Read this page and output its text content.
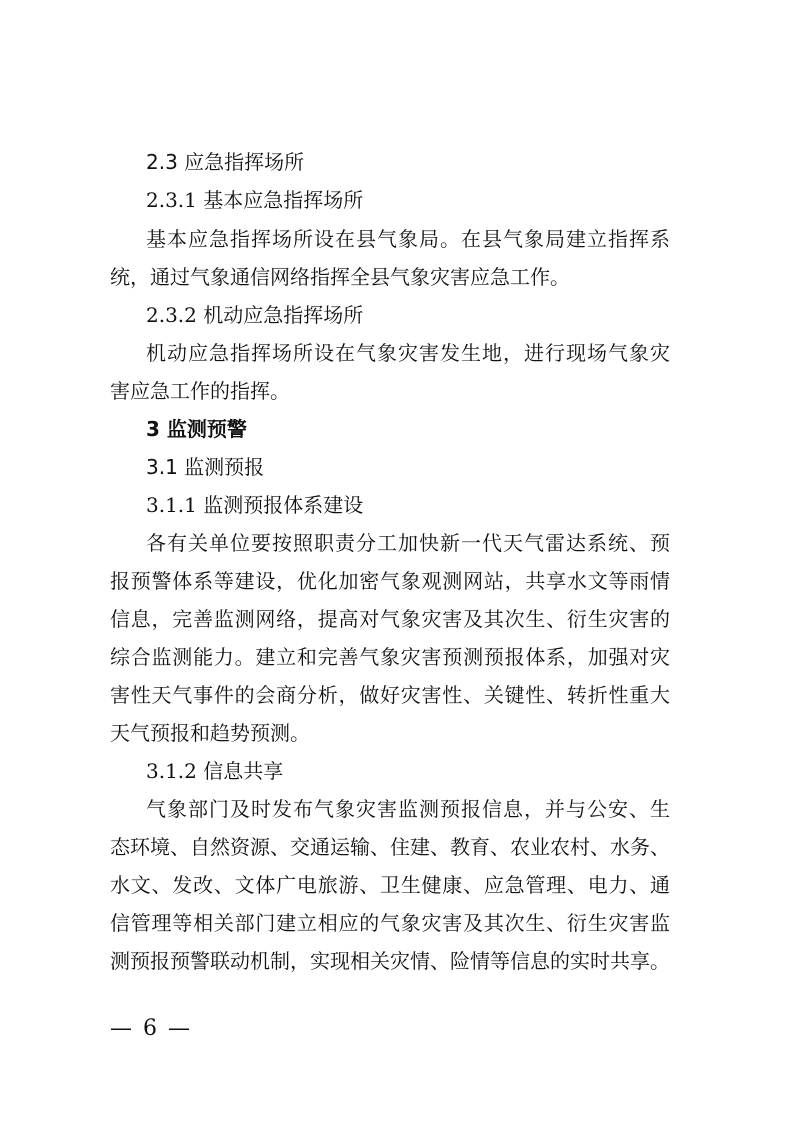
2.3 应急指挥场所

2.3.1 基本应急指挥场所

基本应急指挥场所设在县气象局。在县气象局建立指挥系

统，通过气象通信网络指挥全县气象灾害应急工作。

2.3.2 机动应急指挥场所

机动应急指挥场所设在气象灾害发生地，进行现场气象灾

害应急工作的指挥。

3 监测预警

3.1 监测预报

3.1.1 监测预报体系建设

各有关单位要按照职责分工加快新一代天气雷达系统、预

报预警体系等建设，优化加密气象观测网站，共享水文等雨情

信息，完善监测网络，提高对气象灾害及其次生、衍生灾害的

综合监测能力。建立和完善气象灾害预测预报体系，加强对灾

害性天气事件的会商分析，做好灾害性、关键性、转折性重大

天气预报和趋势预测。

3.1.2 信息共享

气象部门及时发布气象灾害监测预报信息，并与公安、生

态环境、自然资源、交通运输、住建、教育、农业农村、水务、

水文、发改、文体广电旅游、卫生健康、应急管理、电力、通

信管理等相关部门建立相应的气象灾害及其次生、衍生灾害监

测预报预警联动机制，实现相关灾情、险情等信息的实时共享。

— 6 —
